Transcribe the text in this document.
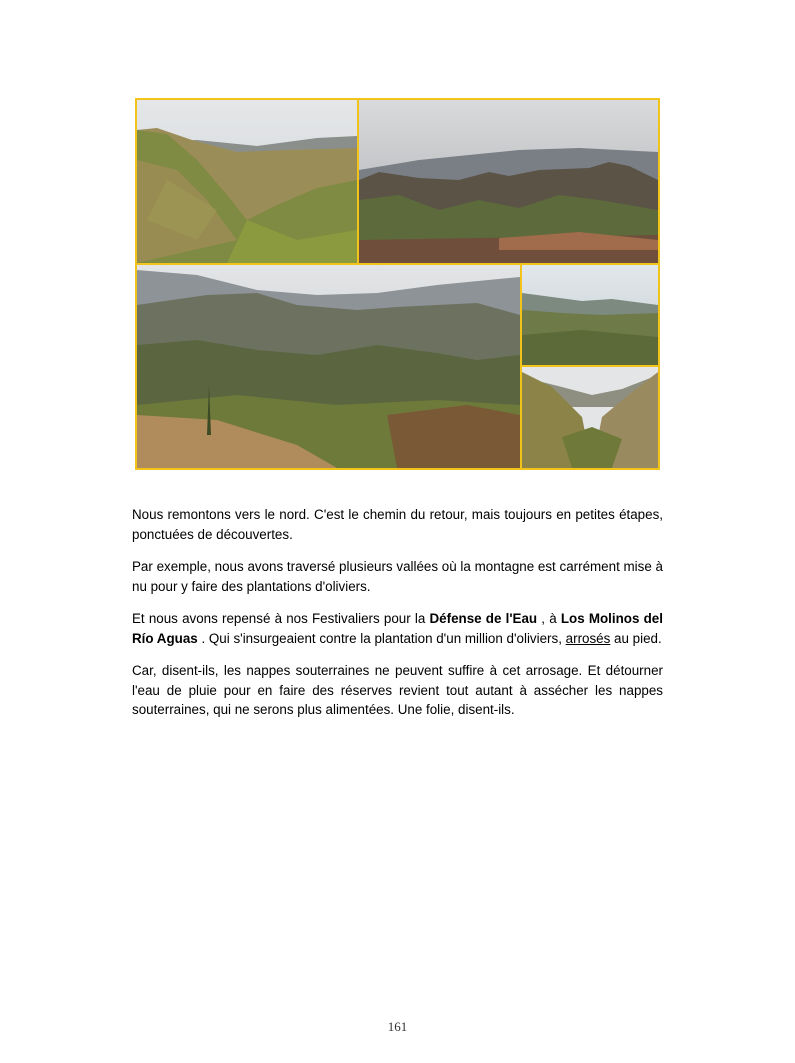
Nous remontons vers le nord. C'est le chemin du retour, mais toujours en petites étapes, ponctuées de découvertes.

Par exemple, nous avons traversé plusieurs vallées où la montagne est carrément mise à nu pour y faire des plantations d'oliviers.

Et nous avons repensé à nos Festivaliers pour la Défense de l'Eau , à Los Molinos del Río Aguas . Qui s'insurgeaient contre la plantation d'un million d'oliviers, arrosés au pied.

Car, disent-ils, les nappes souterraines ne peuvent suffire à cet arrosage. Et détourner l'eau de pluie pour en faire des réserves revient tout autant à assécher les nappes souterraines, qui ne serons plus alimentées. Une folie, disent-ils.

161
